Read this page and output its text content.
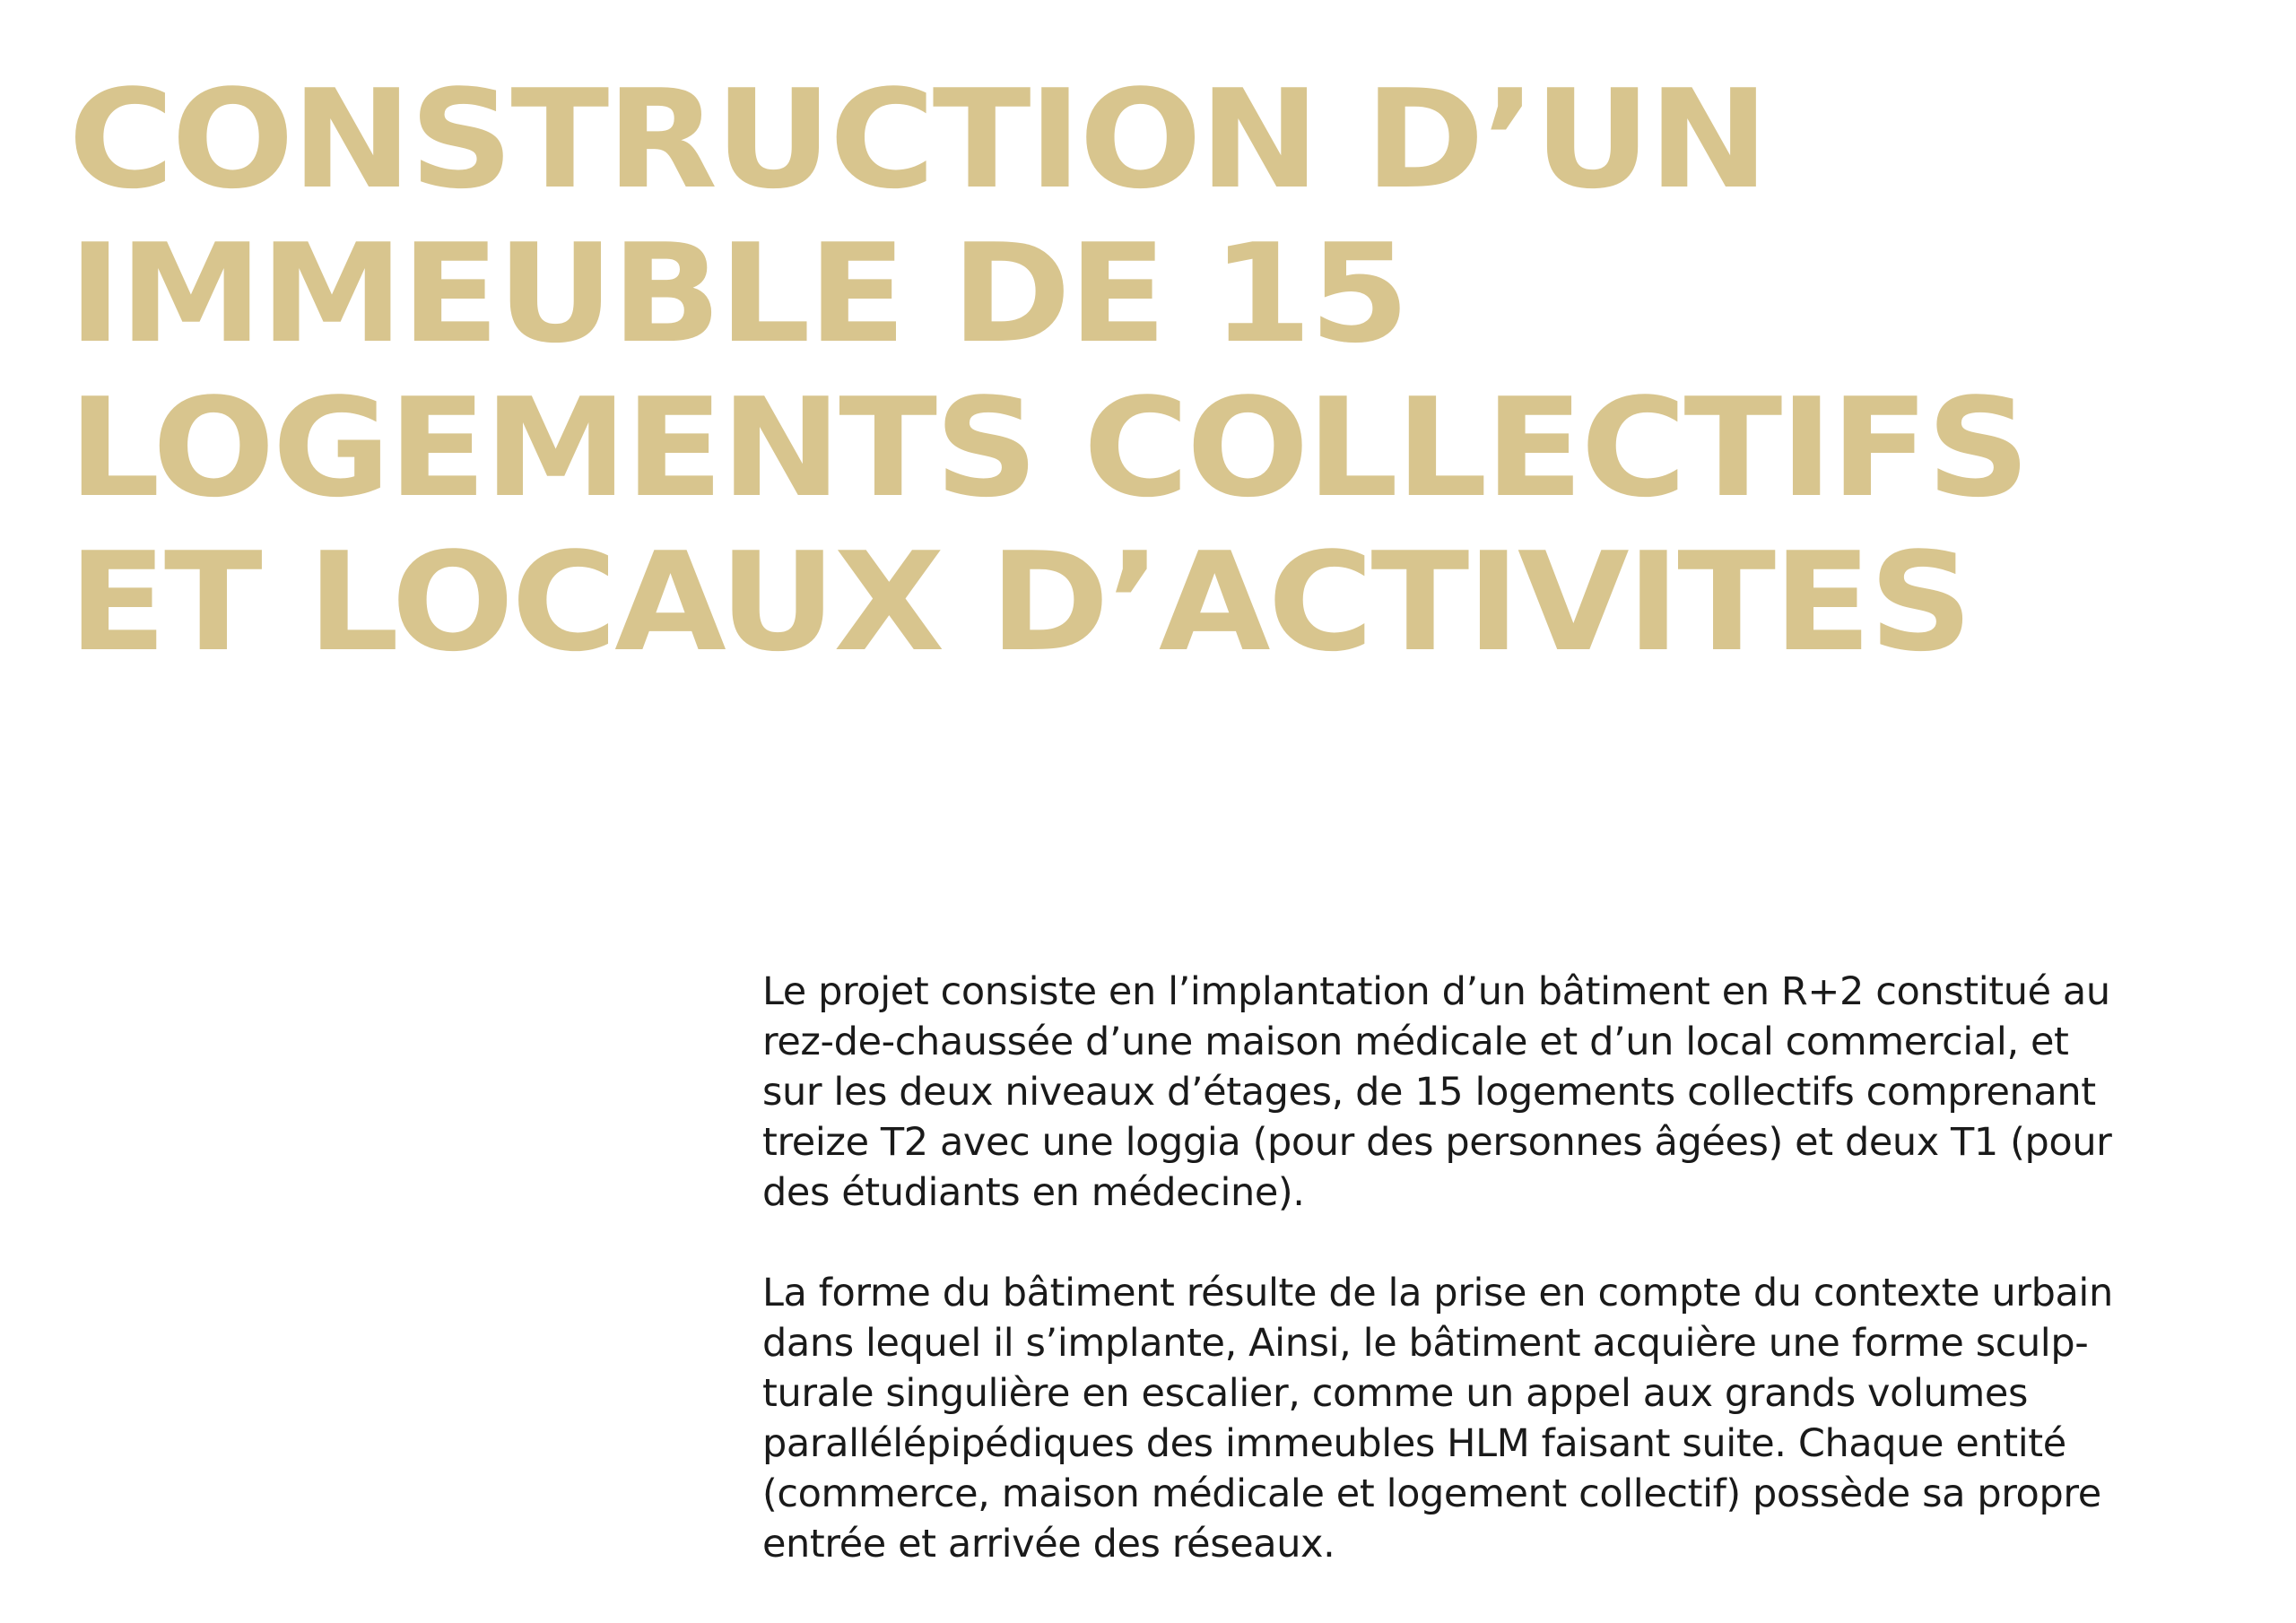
CONSTRUCTION D’UN
IMMEUBLE DE 15
LOGEMENTS COLLECTIFS
ET LOCAUX D’ACTIVITES
Le projet consiste en l’implantation d’un bâtiment en R+2 constitué au
rez-de-chaussée d’une maison médicale et d’un local commercial, et
sur les deux niveaux d’étages, de 15 logements collectifs comprenant
treize T2 avec une loggia (pour des personnes âgées) et deux T1 (pour
des étudiants en médecine).
La forme du bâtiment résulte de la prise en compte du contexte urbain
dans lequel il s’implante, Ainsi, le bâtiment acquière une forme sculp-
turale singulière en escalier, comme un appel aux grands volumes
parallélépipédiques des immeubles HLM faisant suite. Chaque entité
(commerce, maison médicale et logement collectif) possède sa propre
entrée et arrivée des réseaux.
